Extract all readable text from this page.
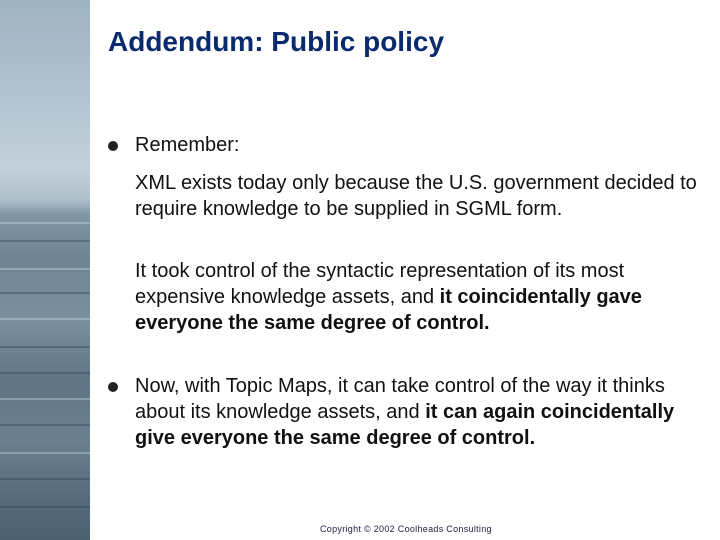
Addendum: Public policy

Remember:

XML exists today only because the U.S. government decided to require knowledge to be supplied in SGML form.

It took control of the syntactic representation of its most expensive knowledge assets, and it coincidentally gave everyone the same degree of control.

Now, with Topic Maps, it can take control of the way it thinks about its knowledge assets, and it can again coincidentally give everyone the same degree of control.

Copyright © 2002 Coolheads Consulting
